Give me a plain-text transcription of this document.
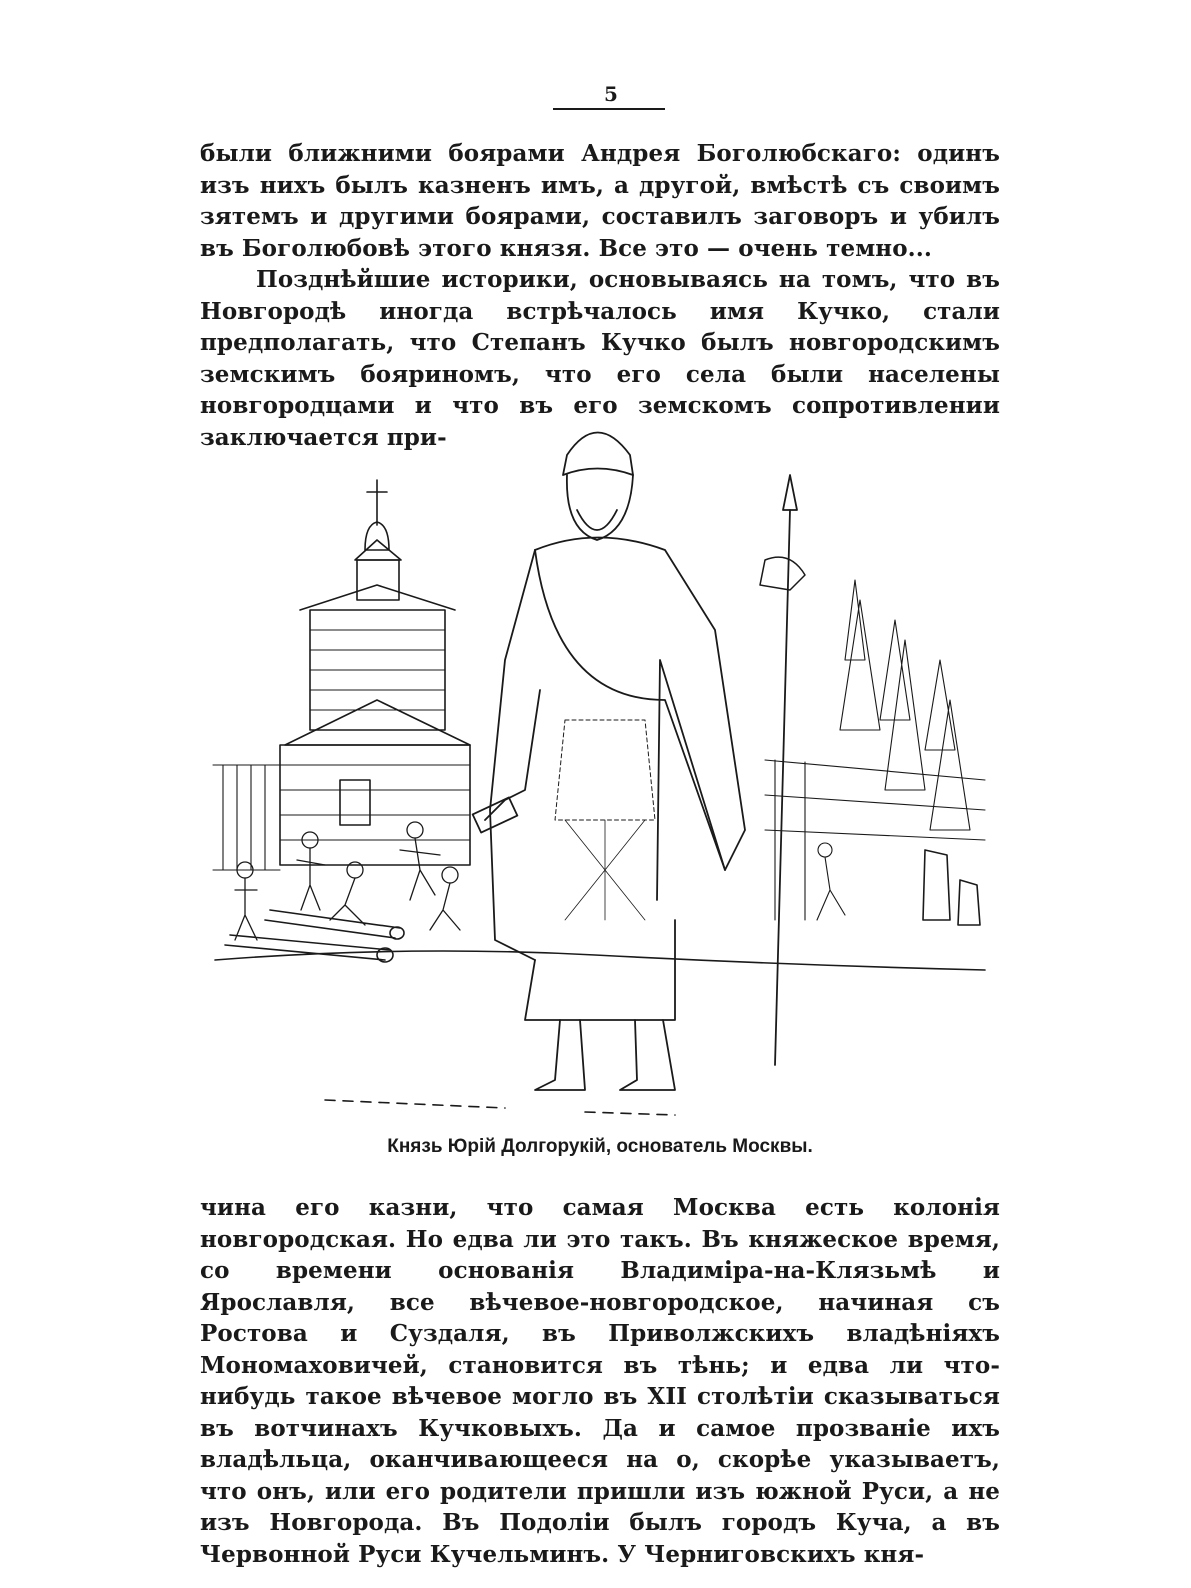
5

были ближними боярами Андрея Боголюбскаго: одинъ изъ нихъ былъ казненъ имъ, а другой, вмѣстѣ съ своимъ зятемъ и другими боярами, составилъ заговоръ и убилъ въ Боголюбовѣ этого князя. Все это — очень темно...

Позднѣйшие историки, основываясь на томъ, что въ Новгородѣ иногда встрѣчалось имя Кучко, стали предполагать, что Степанъ Кучко былъ новгородскимъ земскимъ бояриномъ, что его села были населены новгородцами и что въ его земскомъ сопротивлении заключается при-

Князь Юрій Долгорукій, основатель Москвы.

чина его казни, что самая Москва есть колонія новгородская. Но едва ли это такъ. Въ княжеское время, со времени основанія Владиміра-на-Клязьмѣ и Ярославля, все вѣчевое-новгородское, начиная съ Ростова и Суздаля, въ Приволжскихъ владѣніяхъ Мономаховичей, становится въ тѣнь; и едва ли что-нибудь такое вѣчевое могло въ XII столѣтіи сказываться въ вотчинахъ Кучковыхъ. Да и самое прозваніе ихъ владѣльца, оканчивающееся на о, скорѣе указываетъ, что онъ, или его родители пришли изъ южной Руси, а не изъ Новгорода. Въ Подоліи былъ городъ Куча, а въ Червонной Руси Кучельминъ. У Черниговскихъ кня-
